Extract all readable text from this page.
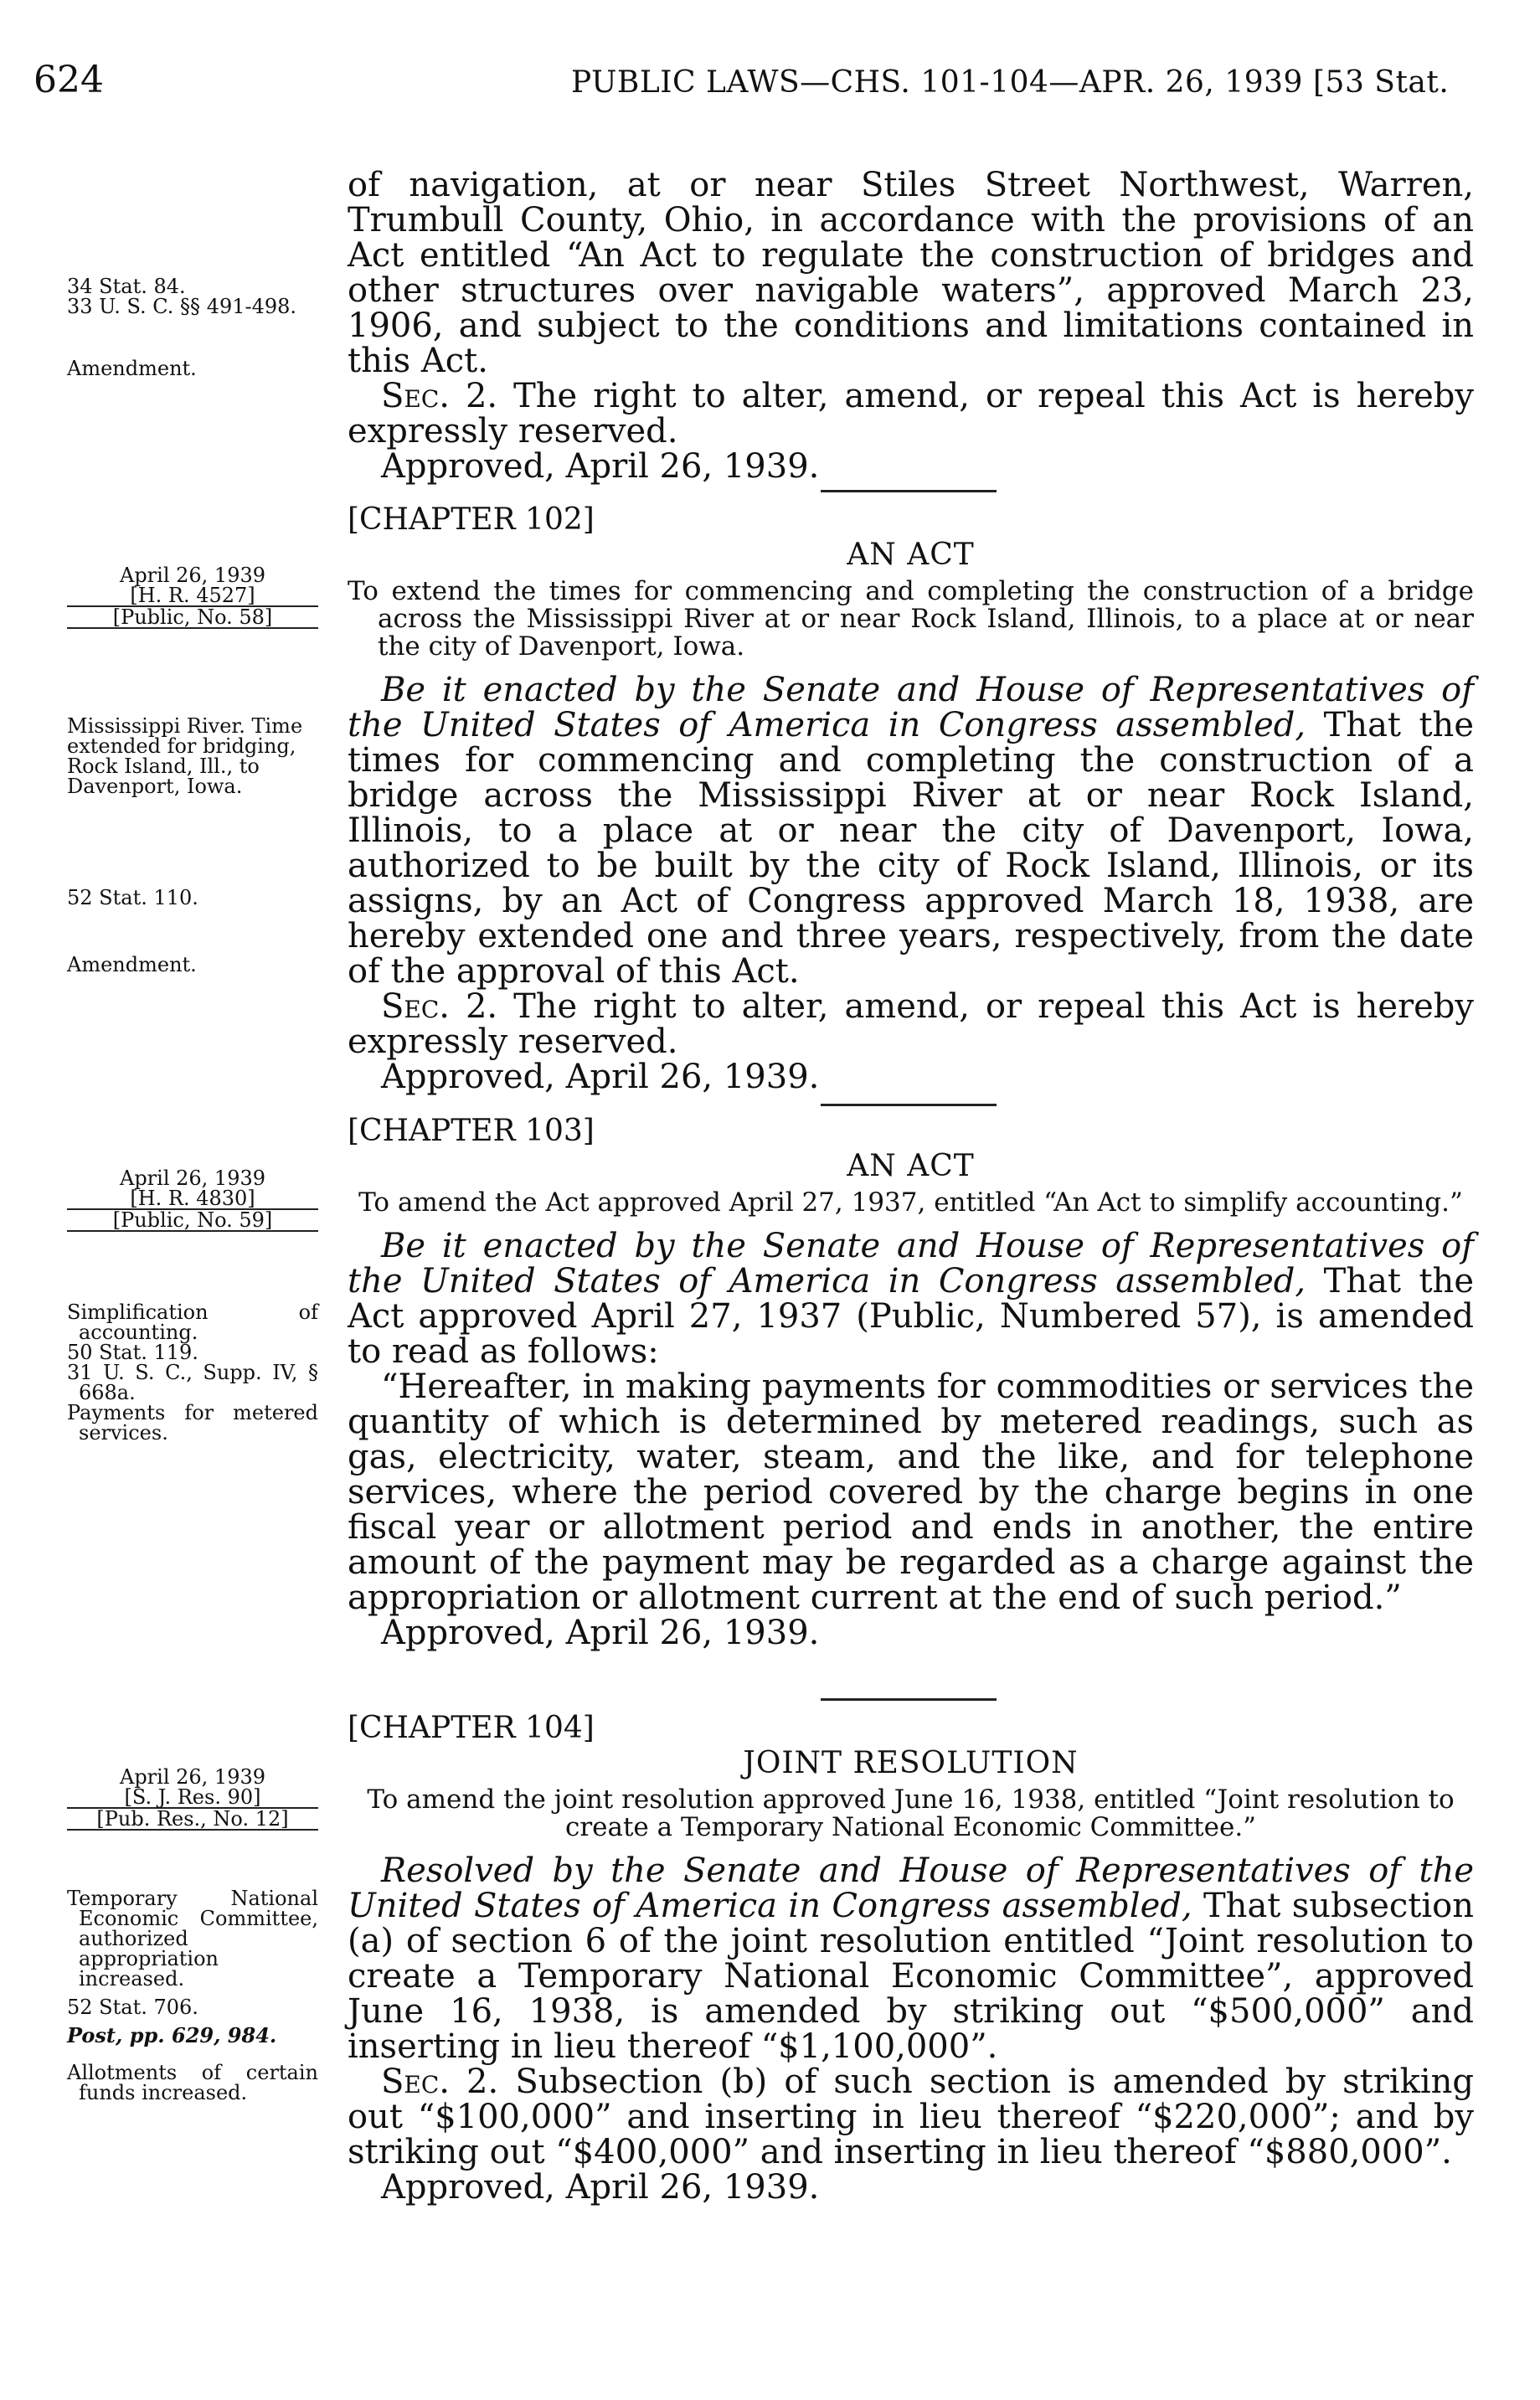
624	PUBLIC LAWS—CHS. 101-104—APR. 26, 1939 [53 Stat.

of navigation, at or near Stiles Street Northwest, Warren, Trumbull County, Ohio, in accordance with the provisions of an Act entitled “An Act to regulate the construction of bridges and other structures over navigable waters”, approved March 23, 1906, and subject to the conditions and limitations contained in this Act.

Sec. 2. The right to alter, amend, or repeal this Act is hereby expressly reserved.

Approved, April 26, 1939.

34 Stat. 84.

33 U. S. C. §§ 491-498.

Amendment.
[CHAPTER 102]
AN ACT

To extend the times for commencing and completing the construction of a bridge across the Mississippi River at or near Rock Island, Illinois, to a place at or near the city of Davenport, Iowa.

Be it enacted by the Senate and House of Representatives of the United States of America in Congress assembled, That the times for commencing and completing the construction of a bridge across the Mississippi River at or near Rock Island, Illinois, to a place at or near the city of Davenport, Iowa, authorized to be built by the city of Rock Island, Illinois, or its assigns, by an Act of Congress approved March 18, 1938, are hereby extended one and three years, respectively, from the date of the approval of this Act.

Sec. 2. The right to alter, amend, or repeal this Act is hereby expressly reserved.

Approved, April 26, 1939.

April 26, 1939

[H. R. 4527]

[Public, No. 58]

Mississippi River. Time extended for bridging, Rock Island, Ill., to Davenport, Iowa.
52 Stat. 110.
Amendment.
[CHAPTER 103]
AN ACT

To amend the Act approved April 27, 1937, entitled “An Act to simplify accounting.”

Be it enacted by the Senate and House of Representatives of the United States of America in Congress assembled, That the Act approved April 27, 1937 (Public, Numbered 57), is amended to read as follows:

“Hereafter, in making payments for commodities or services the quantity of which is determined by metered readings, such as gas, electricity, water, steam, and the like, and for telephone services, where the period covered by the charge begins in one fiscal year or allotment period and ends in another, the entire amount of the payment may be regarded as a charge against the appropriation or allotment current at the end of such period.”

Approved, April 26, 1939.

April 26, 1939

[H. R. 4830]

[Public, No. 59]

Simplification of accounting.

50 Stat. 119.

31 U. S. C., Supp. IV, § 668a.

Payments for metered services.

[CHAPTER 104]
JOINT RESOLUTION

To amend the joint resolution approved June 16, 1938, entitled “Joint resolution to create a Temporary National Economic Committee.”

Resolved by the Senate and House of Representatives of the United States of America in Congress assembled, That subsection (a) of section 6 of the joint resolution entitled “Joint resolution to create a Temporary National Economic Committee”, approved June 16, 1938, is amended by striking out “$500,000” and inserting in lieu thereof “$1,100,000”.

Sec. 2. Subsection (b) of such section is amended by striking out “$100,000” and inserting in lieu thereof “$220,000”; and by striking out “$400,000” and inserting in lieu thereof “$880,000”.

Approved, April 26, 1939.

April 26, 1939

[S. J. Res. 90]

[Pub. Res., No. 12]

Temporary National Economic Committee, authorized appropriation increased.

52 Stat. 706.

Post, pp. 629, 984.

Allotments of certain funds increased.
